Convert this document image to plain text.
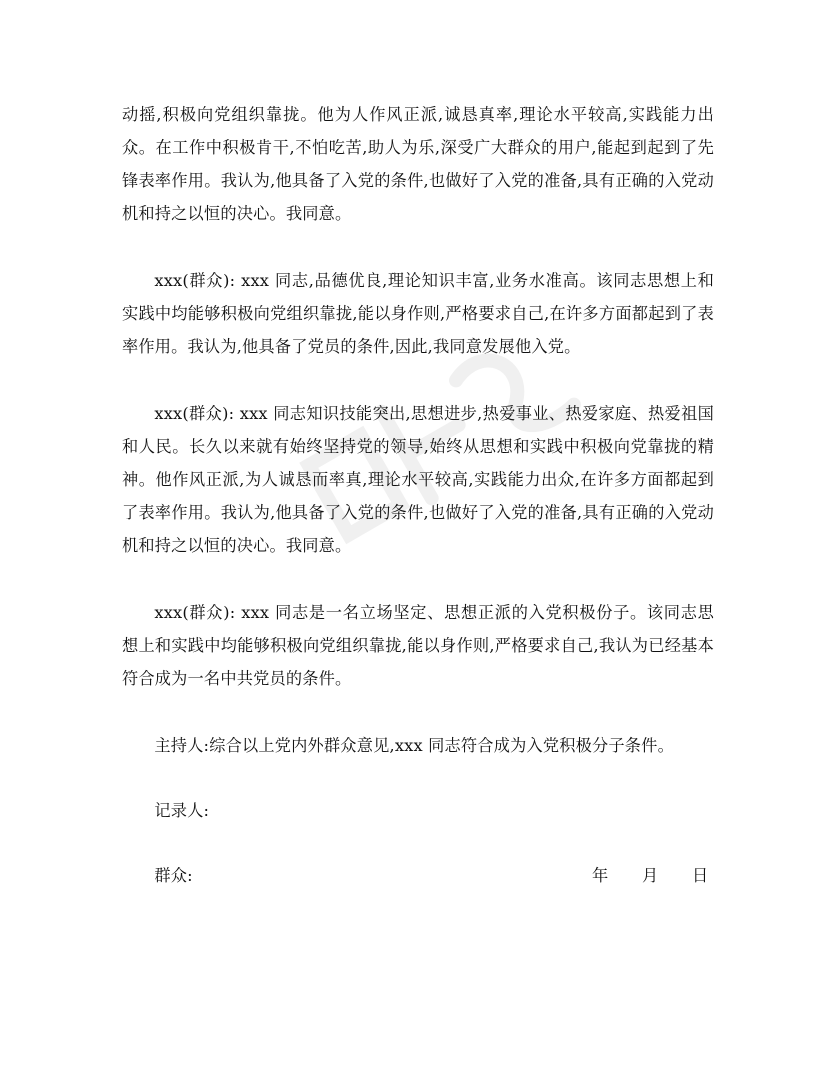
动摇,积极向党组织靠拢。他为人作风正派,诚恳真率,理论水平较高,实践能力出众。在工作中积极肯干,不怕吃苦,助人为乐,深受广大群众的用户,能起到起到了先锋表率作用。我认为,他具备了入党的条件,也做好了入党的准备,具有正确的入党动机和持之以恒的决心。我同意。

xxx(群众): xxx 同志,品德优良,理论知识丰富,业务水准高。该同志思想上和实践中均能够积极向党组织靠拢,能以身作则,严格要求自己,在许多方面都起到了表率作用。我认为,他具备了党员的条件,因此,我同意发展他入党。

xxx(群众): xxx 同志知识技能突出,思想进步,热爱事业、热爱家庭、热爱祖国和人民。长久以来就有始终坚持党的领导,始终从思想和实践中积极向党靠拢的精神。他作风正派,为人诚恳而率真,理论水平较高,实践能力出众,在许多方面都起到了表率作用。我认为,他具备了入党的条件,也做好了入党的准备,具有正确的入党动机和持之以恒的决心。我同意。

xxx(群众): xxx 同志是一名立场坚定、思想正派的入党积极份子。该同志思想上和实践中均能够积极向党组织靠拢,能以身作则,严格要求自己,我认为已经基本符合成为一名中共党员的条件。

主持人:综合以上党内外群众意见,xxx 同志符合成为入党积极分子条件。

记录人:

群众:	年 月 日
